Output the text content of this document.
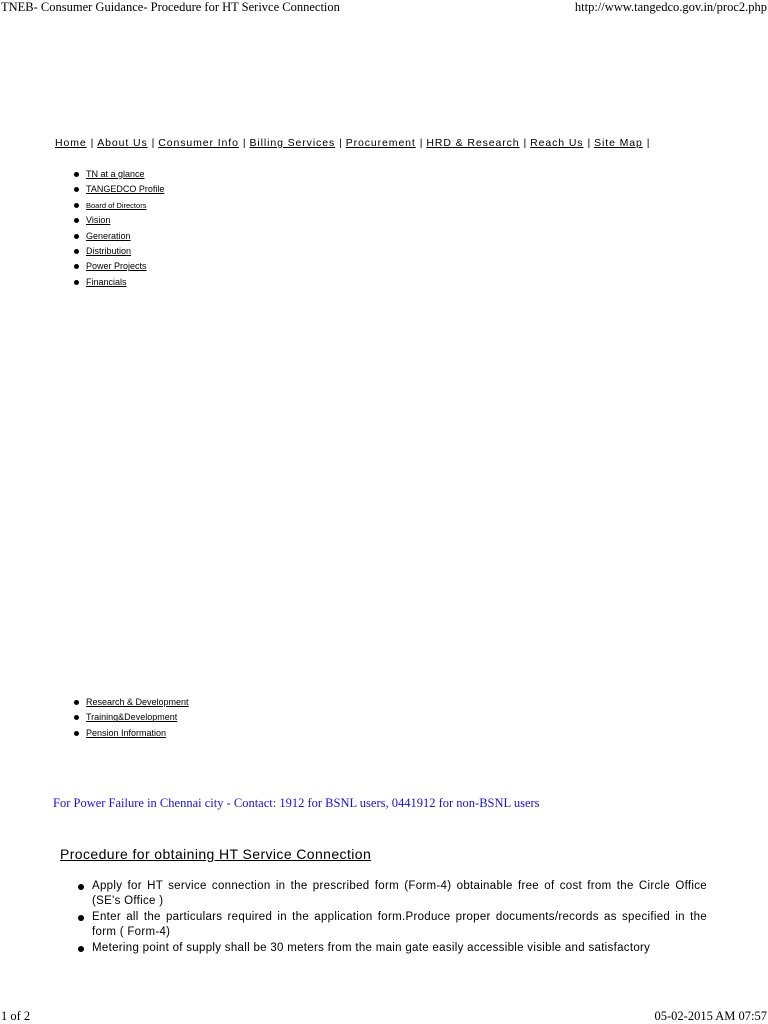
TNEB- Consumer Guidance- Procedure for HT Serivce Connection	http://www.tangedco.gov.in/proc2.php
Home | About Us | Consumer Info | Billing Services | Procurement | HRD & Research | Reach Us | Site Map |
TN at a glance
TANGEDCO Profile
Board of Directors
Vision
Generation
Distribution
Power Projects
Financials
Research & Development
Training&Development
Pension Information
For Power Failure in Chennai city - Contact: 1912 for BSNL users, 0441912 for non-BSNL users
Procedure for obtaining HT Service Connection
Apply for HT service connection in the prescribed form (Form-4) obtainable free of cost from the Circle Office (SE's Office )
Enter all the particulars required in the application form.Produce proper documents/records as specified in the form ( Form-4)
Metering point of supply shall be 30 meters from the main gate easily accessible visible and satisfactory
1 of 2	05-02-2015 AM 07:57
